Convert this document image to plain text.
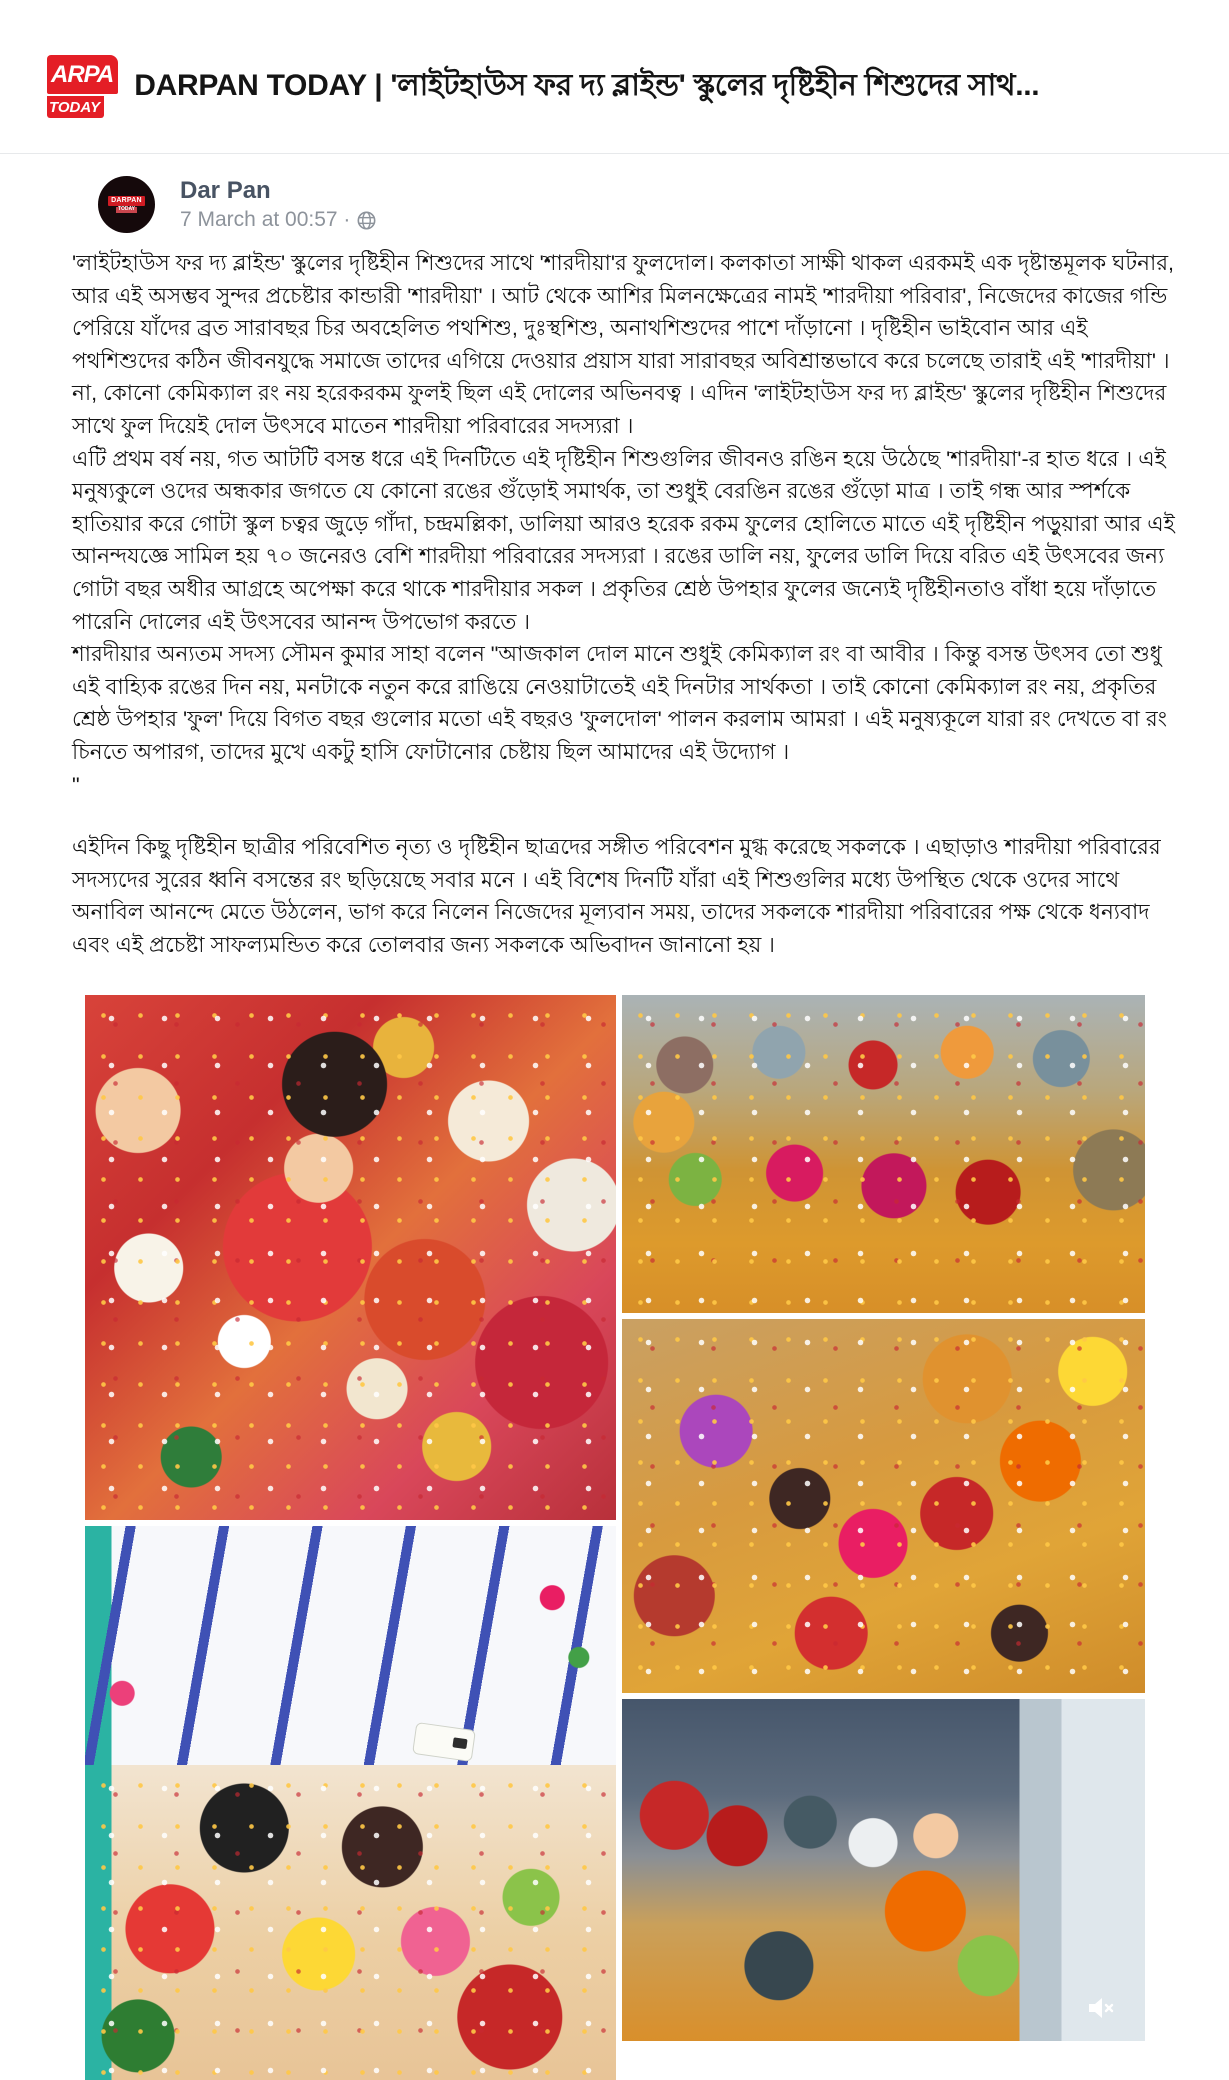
ARPA
TODAY
DARPAN TODAY | 'লাইটহাউস ফর দ্য ব্লাইন্ড' স্কুলের দৃষ্টিহীন শিশুদের সাথ...
DARPAN
TODAY
Dar Pan
7 March at 00:57 ·

'লাইটহাউস ফর দ্য ব্লাইন্ড' স্কুলের দৃষ্টিহীন শিশুদের সাথে 'শারদীয়া'র ফুলদোল। কলকাতা সাক্ষী থাকল এরকমই এক দৃষ্টান্তমূলক ঘটনার, আর এই অসম্ভব সুন্দর প্রচেষ্টার কান্ডারী 'শারদীয়া' । আট থেকে আশির মিলনক্ষেত্রের নামই 'শারদীয়া পরিবার', নিজেদের কাজের গন্ডি পেরিয়ে যাঁদের ব্রত সারাবছর চির অবহেলিত পথশিশু, দুঃস্থশিশু, অনাথশিশুদের পাশে দাঁড়ানো । দৃষ্টিহীন ভাইবোন আর এই পথশিশুদের কঠিন জীবনযুদ্ধে সমাজে তাদের এগিয়ে দেওয়ার প্রয়াস যারা সারাবছর অবিশ্রান্তভাবে করে চলেছে তারাই এই 'শারদীয়া' । না, কোনো কেমিক্যাল রং নয় হরেকরকম ফুলই ছিল এই দোলের অভিনবত্ব । এদিন 'লাইটহাউস ফর দ্য ব্লাইন্ড' স্কুলের দৃষ্টিহীন শিশুদের সাথে ফুল দিয়েই দোল উৎসবে মাতেন শারদীয়া পরিবারের সদস্যরা ।

এটি প্রথম বর্ষ নয়, গত আটটি বসন্ত ধরে এই দিনটিতে এই দৃষ্টিহীন শিশুগুলির জীবনও রঙিন হয়ে উঠেছে 'শারদীয়া'-র হাত ধরে । এই মনুষ্যকুলে ওদের অন্ধকার জগতে যে কোনো রঙের গুঁড়োই সমার্থক, তা শুধুই বেরঙিন রঙের গুঁড়ো মাত্র । তাই গন্ধ আর স্পর্শকে হাতিয়ার করে গোটা স্কুল চত্বর জুড়ে গাঁদা, চন্দ্রমল্লিকা, ডালিয়া আরও হরেক রকম ফুলের হোলিতে মাতে এই দৃষ্টিহীন পড়ুয়ারা আর এই আনন্দযজ্ঞে সামিল হয় ৭০ জনেরও বেশি শারদীয়া পরিবারের সদস্যরা । রঙের ডালি নয়, ফুলের ডালি দিয়ে বরিত এই উৎসবের জন্য গোটা বছর অধীর আগ্রহে অপেক্ষা করে থাকে শারদীয়ার সকল । প্রকৃতির শ্রেষ্ঠ উপহার ফুলের জন্যেই দৃষ্টিহীনতাও বাঁধা হয়ে দাঁড়াতে পারেনি দোলের এই উৎসবের আনন্দ উপভোগ করতে ।

শারদীয়ার অন্যতম সদস্য সৌমন কুমার সাহা বলেন "আজকাল দোল মানে শুধুই কেমিক্যাল রং বা আবীর । কিন্তু বসন্ত উৎসব তো শুধু এই বাহ্যিক রঙের দিন নয়, মনটাকে নতুন করে রাঙিয়ে নেওয়াটাতেই এই দিনটার সার্থকতা । তাই কোনো কেমিক্যাল রং নয়, প্রকৃতির শ্রেষ্ঠ উপহার 'ফুল' দিয়ে বিগত বছর গুলোর মতো এই বছরও 'ফুলদোল' পালন করলাম আমরা । এই মনুষ্যকূলে যারা রং দেখতে বা রং চিনতে অপারগ, তাদের মুখে একটু হাসি ফোটানোর চেষ্টায় ছিল আমাদের এই উদ্যোগ ।

"

এইদিন কিছু দৃষ্টিহীন ছাত্রীর পরিবেশিত নৃত্য ও দৃষ্টিহীন ছাত্রদের সঙ্গীত পরিবেশন মুগ্ধ করেছে সকলকে । এছাড়াও শারদীয়া পরিবারের সদস্যদের সুরের ধ্বনি বসন্তের রং ছড়িয়েছে সবার মনে । এই বিশেষ দিনটি যাঁরা এই শিশুগুলির মধ্যে উপস্থিত থেকে ওদের সাথে অনাবিল আনন্দে মেতে উঠলেন, ভাগ করে নিলেন নিজেদের মূল্যবান সময়, তাদের সকলকে শারদীয়া পরিবারের পক্ষ থেকে ধন্যবাদ এবং এই প্রচেষ্টা সাফল্যমন্ডিত করে তোলবার জন্য সকলকে অভিবাদন জানানো হয় ।
